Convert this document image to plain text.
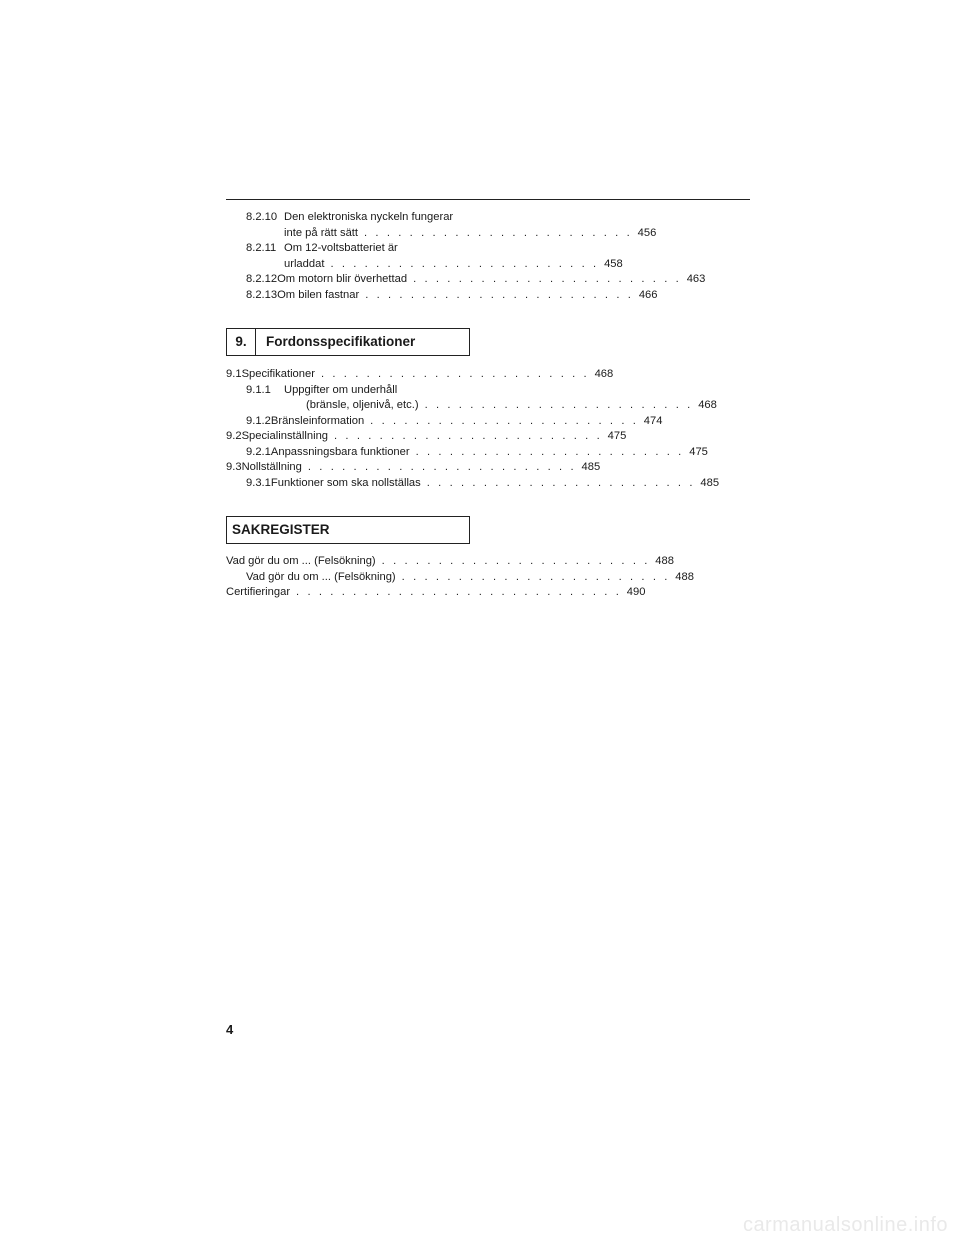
8.2.10 Den elektroniska nyckeln fungerar
inte på rätt sätt . . . . . . . . . . . . . . . . . . . . . . . . 456
8.2.11 Om 12-voltsbatteriet är
urladdat . . . . . . . . . . . . . . . . . . . . . . . . 458
8.2.12 Om motorn blir överhettad . . . . . . . . . . . . . . . . . . . . . . . . 463
8.2.13 Om bilen fastnar . . . . . . . . . . . . . . . . . . . . . . . . 466
9.	Fordonsspecifikationer
9.1 Specifikationer . . . . . . . . . . . . . . . . . . . . . . . . 468
9.1.1	Uppgifter om underhåll
(bränsle, oljenivå, etc.) . . . . . . . . . . . . . . . . . . . . . . . . 468
9.1.2 Bränsleinformation . . . . . . . . . . . . . . . . . . . . . . . . 474
9.2 Specialinställning . . . . . . . . . . . . . . . . . . . . . . . . 475
9.2.1 Anpassningsbara funktioner . . . . . . . . . . . . . . . . . . . . . . . . 475
9.3 Nollställning . . . . . . . . . . . . . . . . . . . . . . . . 485
9.3.1 Funktioner som ska nollställas . . . . . . . . . . . . . . . . . . . . . . . . 485
SAKREGISTER
Vad gör du om ... (Felsökning) . . . . . . . . . . . . . . . . . . . . . . . . 488
Vad gör du om ... (Felsökning) . . . . . . . . . . . . . . . . . . . . . . . . 488
Certifieringar . . . . . . . . . . . . . . . . . . . . . . . . . . . . . 490
4
carmanualsonline.info
